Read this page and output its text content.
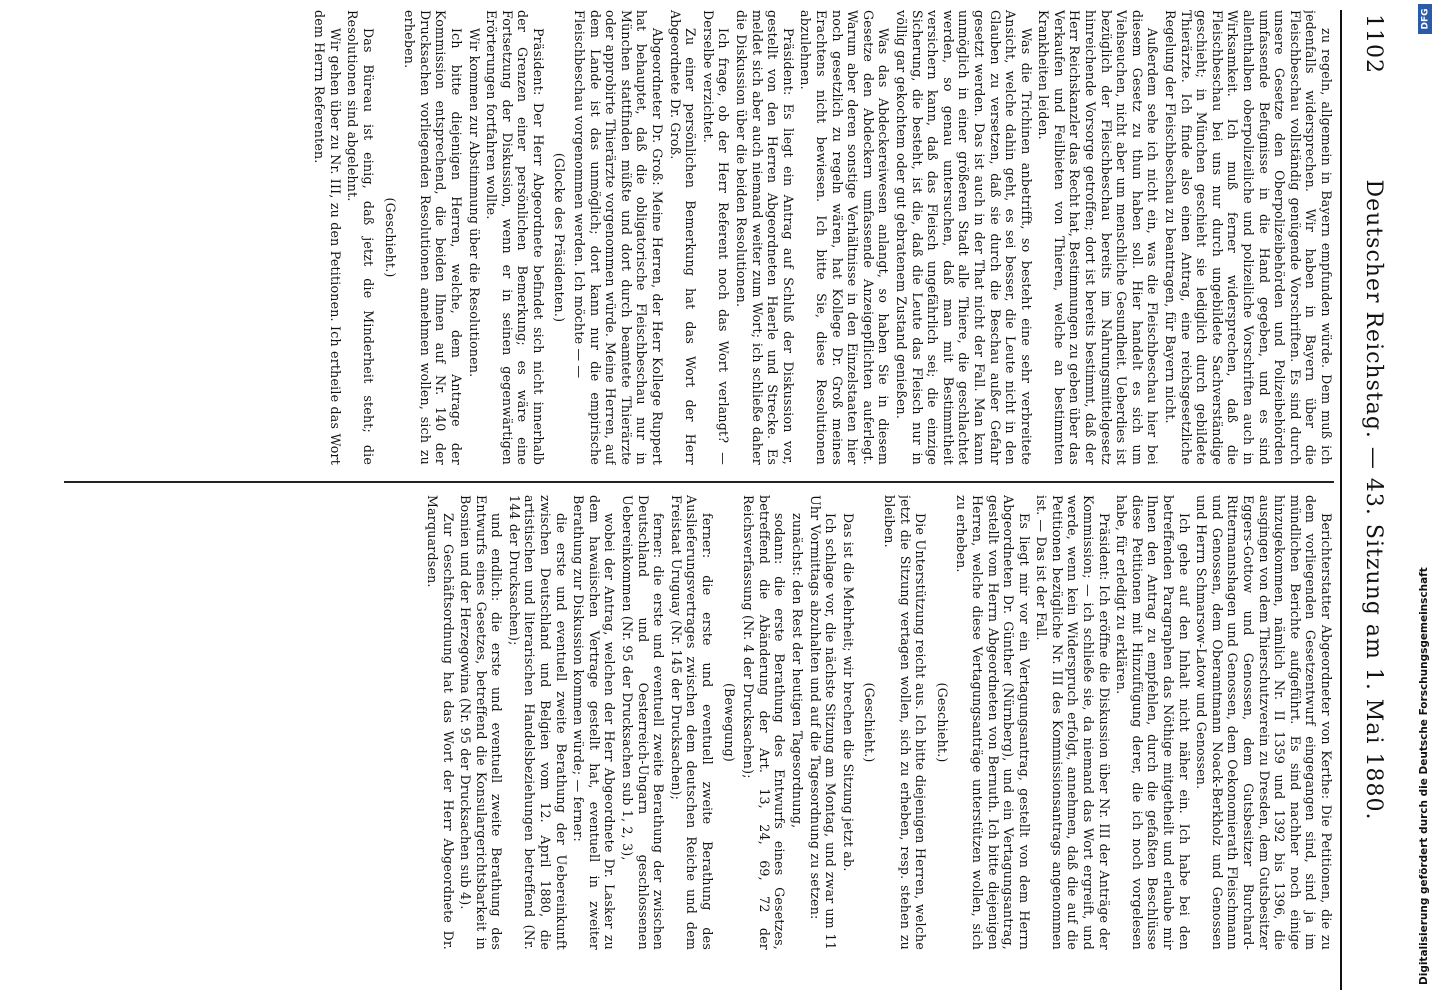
1102
Deutscher Reichstag. — 43. Sitzung am 1. Mai 1880.

zu regeln, allgemein in Bayern empfunden würde. Dem muß ich jedenfalls widersprechen. Wir haben in Bayern über die Fleischbeschau vollständig genügende Vorschriften. Es sind durch unsere Gesetze den Oberpolizeibehörden und Polizeibehörden umfassende Befugnisse in die Hand gegeben, und es sind allenthalben oberpolizeiliche und polizeiliche Vorschriften auch in Wirksamkeit. Ich muß ferner widersprechen, daß die Fleischbeschau bei uns nur durch ungebildete Sachverständige geschieht; in München geschieht sie lediglich durch gebildete Thierärzte. Ich finde also einen Antrag, eine reichsgesetzliche Regelung der Fleischbeschau zu beantragen, für Bayern nicht.

Außerdem sehe ich nicht ein, was die Fleischbeschau hier bei diesem Gesetz zu thun haben soll. Hier handelt es sich um Viehseuchen, nicht aber um menschliche Gesundheit. Ueberdies ist bezüglich der Fleischbeschau bereits im Nahrungsmittelgesetz hinreichende Vorsorge getroffen; dort ist bereits bestimmt, daß der Herr Reichskanzler das Recht hat, Bestimmungen zu geben über das Verkaufen und Feilbieten von Thieren, welche an bestimmten Krankheiten leiden.

Was die Trichinen anbetrifft, so besteht eine sehr verbreitete Ansicht, welche dahin geht, es sei besser, die Leute nicht in den Glauben zu versetzen, daß sie durch die Beschau außer Gefahr gesetzt werden. Das ist auch in der That nicht der Fall. Man kann unmöglich in einer größeren Stadt alle Thiere, die geschlachtet werden, so genau untersuchen, daß man mit Bestimmtheit versichern kann, daß das Fleisch ungefährlich sei; die einzige Sicherung, die besteht, ist die, daß die Leute das Fleisch nur in völlig gar gekochtem oder gut gebratenem Zustand genießen.

Was das Abdeckereiwesen anlangt, so haben Sie in diesem Gesetze den Abdeckern umfassende Anzeigepflichten auferlegt. Warum aber deren sonstige Verhältnisse in den Einzelstaaten hier noch gesetzlich zu regeln wären, hat Kollege Dr. Groß meines Erachtens nicht bewiesen. Ich bitte Sie, diese Resolutionen abzulehnen.

Präsident: Es liegt ein Antrag auf Schluß der Diskussion vor, gestellt von den Herren Abgeordneten Haerle und Strecke. Es meldet sich aber auch niemand weiter zum Wort; ich schließe daher die Diskussion über die beiden Resolutionen.

Ich frage, ob der Herr Referent noch das Wort verlangt? — Derselbe verzichtet.

Zu einer persönlichen Bemerkung hat das Wort der Herr Abgeordnete Dr. Groß.

Abgeordneter Dr. Groß: Meine Herren, der Herr Kollege Ruppert hat behauptet, daß die obligatorische Fleischbeschau nur in München stattfinden müßte und dort durch beamtete Thierärzte oder approbirte Thierärzte vorgenommen würde. Meine Herren, auf dem Lande ist das unmöglich; dort kann nur die empirische Fleischbeschau vorgenommen werden. Ich möchte — —

(Glocke des Präsidenten.)

Präsident: Der Herr Abgeordnete befindet sich nicht innerhalb der Grenzen einer persönlichen Bemerkung; es wäre eine Fortsetzung der Diskussion, wenn er in seinen gegenwärtigen Erörterungen fortfahren wollte.

Wir kommen zur Abstimmung über die Resolutionen.

Ich bitte diejenigen Herren, welche, dem Antrage der Kommission entsprechend, die beiden Ihnen auf Nr. 140 der Drucksachen vorliegenden Resolutionen annehmen wollen, sich zu erheben.

(Geschieht.)

Das Büreau ist einig, daß jetzt die Minderheit steht; die Resolutionen sind abgelehnt.

Wir gehen über zu Nr. III, zu den Petitionen. Ich ertheile das Wort dem Herrn Referenten.

Berichterstatter Abgeordneter von Kerthe: Die Petitionen, die zu dem vorliegenden Gesetzentwurf eingegangen sind, sind ja im mündlichen Berichte aufgeführt. Es sind nachher noch einige hinzugekommen, nämlich Nr. II 1359 und 1392 bis 1396, die ausgingen von dem Thierschutzverein zu Dresden, dem Gutsbesitzer Eggers-Gottow und Genossen, dem Gutsbesitzer Burchard-Rittermannshagen und Genossen, dem Oekonomierath Fleischmann und Genossen, dem Oberamtmann Noack-Berkholz und Genossen und Herrn Schmarsow-Latow und Genossen.

Ich gehe auf den Inhalt nicht näher ein. Ich habe bei den betreffenden Paragraphen das Nöthige mitgetheilt und erlaube mir Ihnen den Antrag zu empfehlen, durch die gefaßten Beschlüsse diese Petitionen mit Hinzufügung derer, die ich noch vorgelesen habe, für erledigt zu erklären.

Präsident: Ich eröffne die Diskussion über Nr. III der Anträge der Kommission; — ich schließe sie, da niemand das Wort ergreift, und werde, wenn kein Widerspruch erfolgt, annehmen, daß die auf die Petitionen bezügliche Nr. III des Kommissionsantrags angenommen ist. — Das ist der Fall.

Es liegt mir vor ein Vertagungsantrag, gestellt von dem Herrn Abgeordneten Dr. Günther (Nürnberg), und ein Vertagungsantrag, gestellt vom Herrn Abgeordneten von Bernuth. Ich bitte diejenigen Herren, welche diese Vertagungsanträge unterstützen wollen, sich zu erheben.

(Geschieht.)

Die Unterstützung reicht aus. Ich bitte diejenigen Herren, welche jetzt die Sitzung vertagen wollen, sich zu erheben, resp. stehen zu bleiben.

(Geschieht.)

Das ist die Mehrheit; wir brechen die Sitzung jetzt ab.

Ich schlage vor, die nächste Sitzung am Montag, und zwar um 11 Uhr Vormittags abzuhalten und auf die Tagesordnung zu setzen:

zunächst: den Rest der heutigen Tagesordnung,

sodann: die erste Berathung des Entwurfs eines Gesetzes, betreffend die Abänderung der Art. 13, 24, 69, 72 der Reichsverfassung (Nr. 4 der Drucksachen);

(Bewegung)

ferner: die erste und eventuell zweite Berathung des Auslieferungsvertrages zwischen dem deutschen Reiche und dem Freistaat Uruguay (Nr. 145 der Drucksachen);

ferner: die erste und eventuell zweite Berathung der zwischen Deutschland und Oesterreich-Ungarn geschlossenen Uebereinkommen (Nr. 95 der Drucksachen sub 1, 2, 3),

wobei der Antrag, welchen der Herr Abgeordnete Dr. Lasker zu dem hawaiischen Vertrage gestellt hat, eventuell in zweiter Berathung zur Diskussion kommen würde; — ferner:

die erste und eventuell zweite Berathung der Uebereinkunft zwischen Deutschland und Belgien vom 12. April 1880, die artistischen und literarischen Handelsbeziehungen betreffend (Nr. 144 der Drucksachen);

und endlich: die erste und eventuell zweite Berathung des Entwurfs eines Gesetzes, betreffend die Konsulargerichtsbarkeit in Bosnien und der Herzegowina (Nr. 95 der Drucksachen sub 4).

Zur Geschäftsordnung hat das Wort der Herr Abgeordnete Dr. Marquardsen.

Digitalisierung gefördert durch die Deutsche Forschungsgemeinschaft
DFG
